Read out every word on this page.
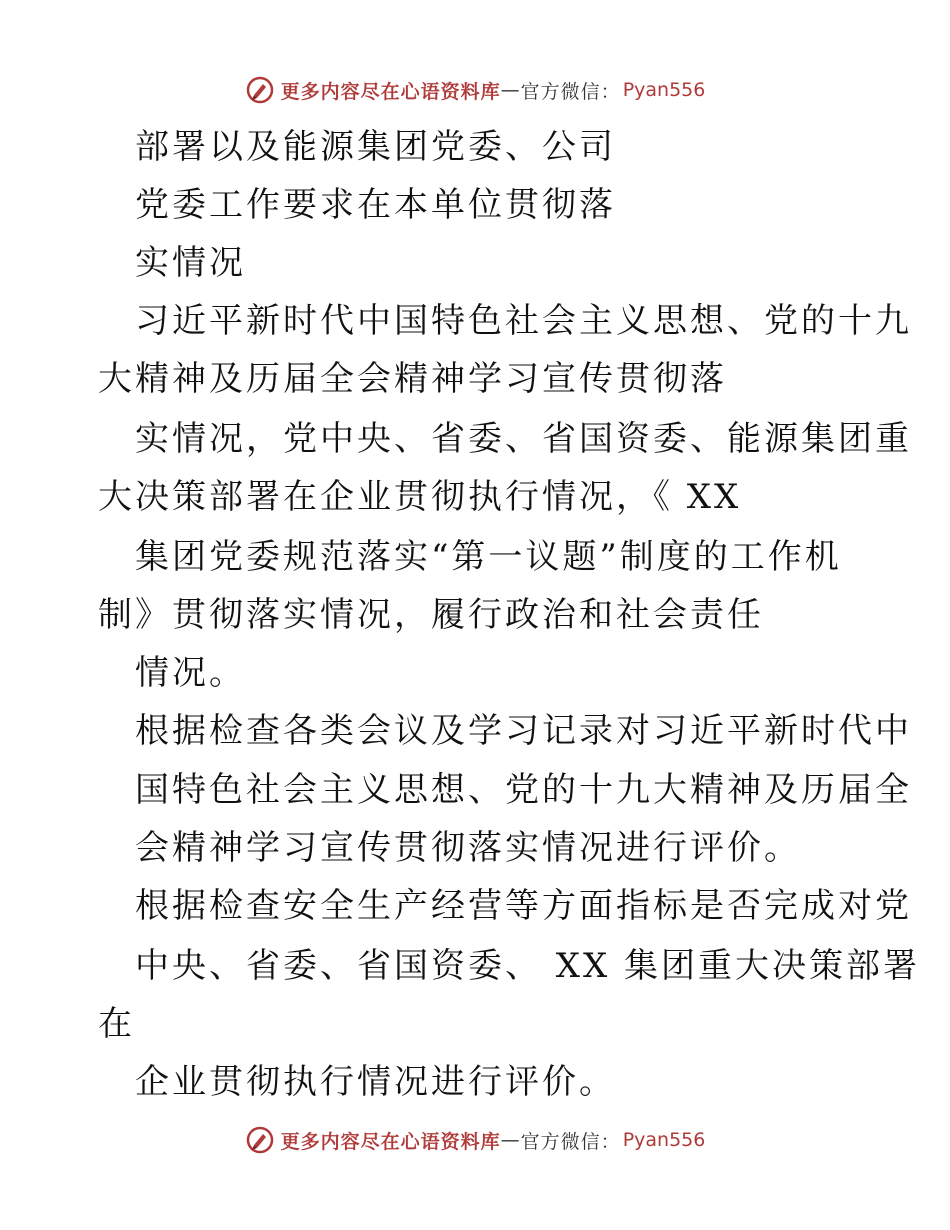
更多内容尽在心语资料库 — 官方微信： Pyan556
部署以及能源集团党委、公司
党委工作要求在本单位贯彻落
实情况
习近平新时代中国特色社会主义思想、党的十九
大精神及历届全会精神学习宣传贯彻落
实情况，党中央、省委、省国资委、能源集团重
大决策部署在企业贯彻执行情况，《 XX
集团党委规范落实“第一议题”制度的工作机
制》贯彻落实情况，履行政治和社会责任
情况。
根据检查各类会议及学习记录对习近平新时代中
国特色社会主义思想、党的十九大精神及历届全
会精神学习宣传贯彻落实情况进行评价。
根据检查安全生产经营等方面指标是否完成对党
中央、省委、省国资委、 XX 集团重大决策部署
在
企业贯彻执行情况进行评价。
更多内容尽在心语资料库 — 官方微信： Pyan556
